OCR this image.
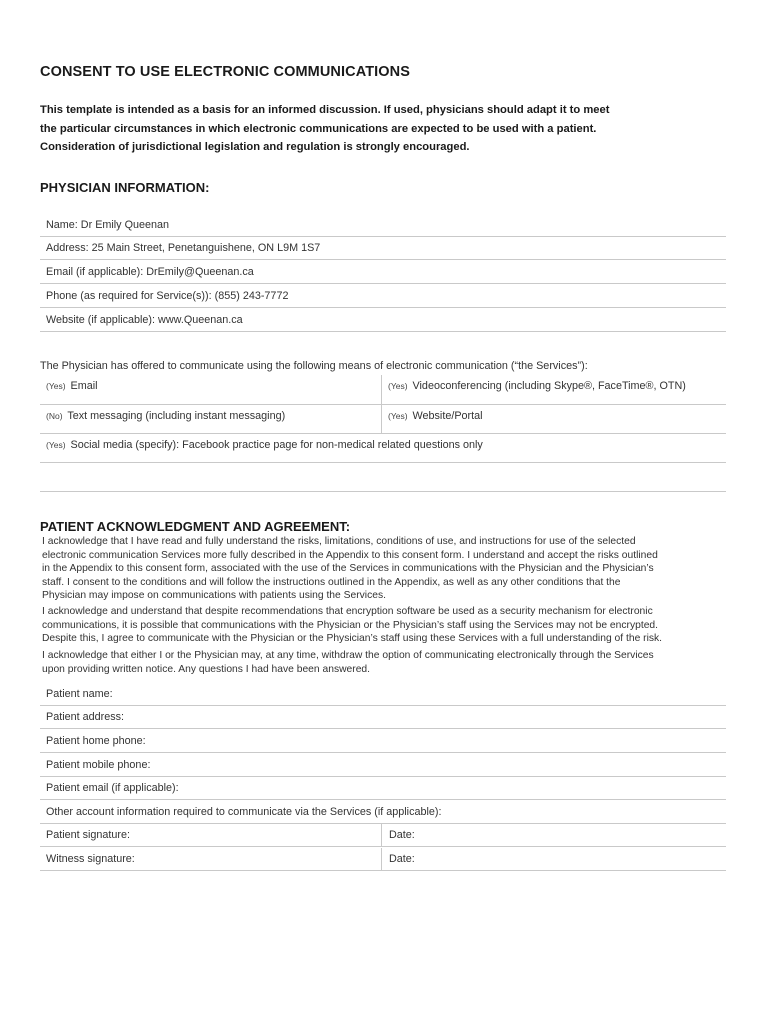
CONSENT TO USE ELECTRONIC COMMUNICATIONS
This template is intended as a basis for an informed discussion. If used, physicians should adapt it to meet
the particular circumstances in which electronic communications are expected to be used with a patient.
Consideration of jurisdictional legislation and regulation is strongly encouraged.
PHYSICIAN INFORMATION:
Name: Dr Emily Queenan
Address: 25 Main Street, Penetanguishene, ON L9M 1S7
Email (if applicable): DrEmily@Queenan.ca
Phone (as required for Service(s)): (855) 243-7772
Website (if applicable): www.Queenan.ca
The Physician has offered to communicate using the following means of electronic communication (“the Services”):
(Yes) Email	(Yes) Videoconferencing (including Skype®, FaceTime®, OTN)
(No) Text messaging (including instant messaging)	(Yes) Website/Portal
(Yes) Social media (specify): Facebook practice page for non-medical related questions only
PATIENT ACKNOWLEDGMENT AND AGREEMENT:
I acknowledge that I have read and fully understand the risks, limitations, conditions of use, and instructions for use of the selected
electronic communication Services more fully described in the Appendix to this consent form. I understand and accept the risks outlined
in the Appendix to this consent form, associated with the use of the Services in communications with the Physician and the Physician’s
staff. I consent to the conditions and will follow the instructions outlined in the Appendix, as well as any other conditions that the
Physician may impose on communications with patients using the Services.
I acknowledge and understand that despite recommendations that encryption software be used as a security mechanism for electronic
communications, it is possible that communications with the Physician or the Physician’s staff using the Services may not be encrypted.
Despite this, I agree to communicate with the Physician or the Physician’s staff using these Services with a full understanding of the risk.
I acknowledge that either I or the Physician may, at any time, withdraw the option of communicating electronically through the Services
upon providing written notice. Any questions I had have been answered.
Patient name:
Patient address:
Patient home phone:
Patient mobile phone:
Patient email (if applicable):
Other account information required to communicate via the Services (if applicable):
Patient signature:	Date:
Witness signature:	Date:
